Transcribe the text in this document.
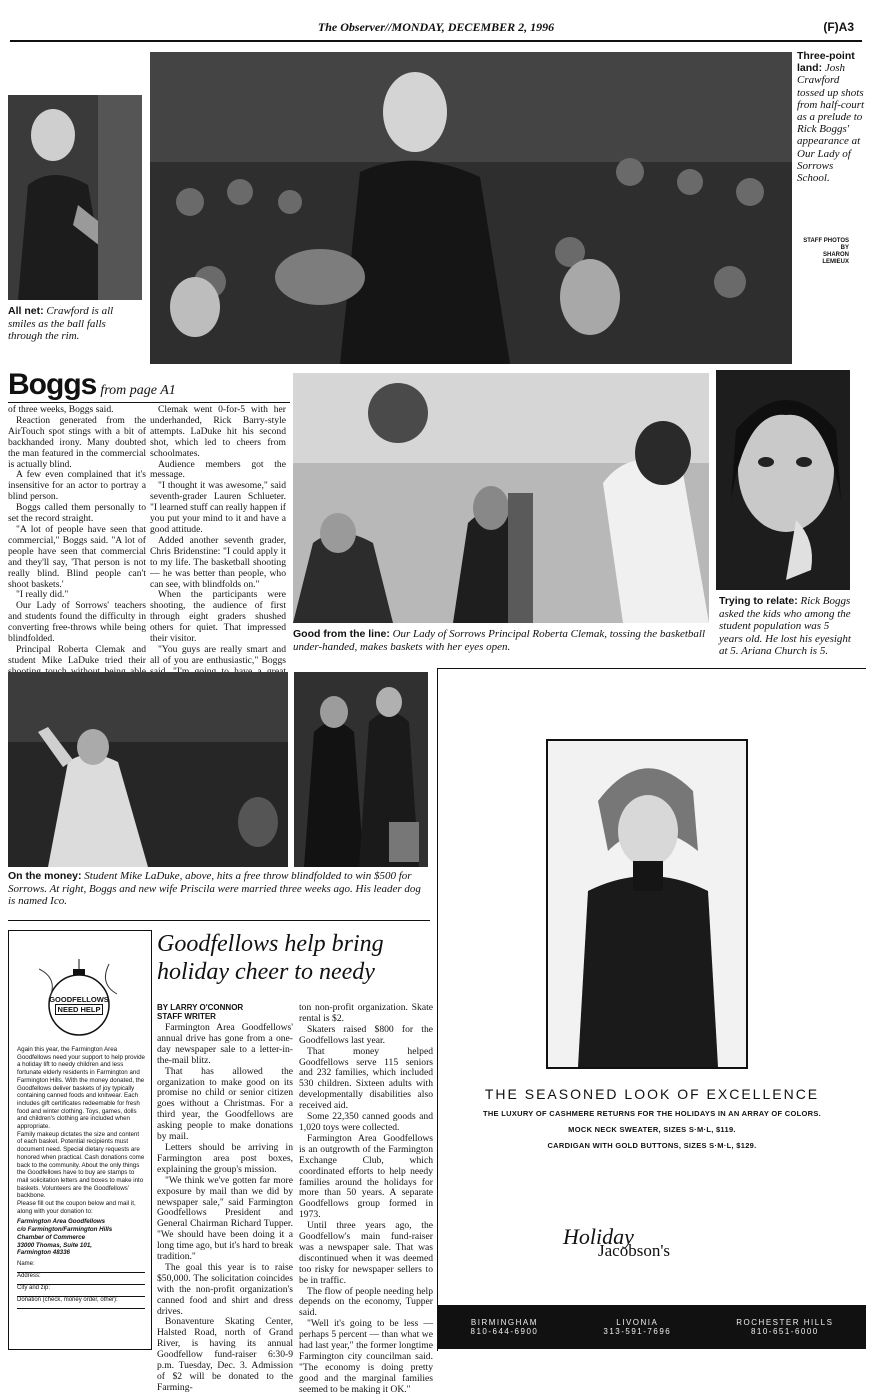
The Observer//MONDAY, DECEMBER 2, 1996	(F)A3
All net: Crawford is all smiles as the ball falls through the rim.
Three-point land: Josh Crawford tossed up shots from half-court as a prelude to Rick Boggs' appearance at Our Lady of Sorrows School.
STAFF PHOTOS BY
SHARON LEMIEUX
Boggs from page A1

of three weeks, Boggs said.

Reaction generated from the AirTouch spot stings with a bit of backhanded irony. Many doubted the man featured in the commercial is actually blind.

A few even complained that it's insensitive for an actor to portray a blind person.

Boggs called them personally to set the record straight.

"A lot of people have seen that commercial," Boggs said. "A lot of people have seen that commercial and they'll say, 'That person is not really blind. Blind people can't shoot baskets.'

"I really did."

Our Lady of Sorrows' teachers and students found the difficulty in converting free-throws while being blindfolded.

Principal Roberta Clemak and student Mike LaDuke tried their

Clemak went 0-for-5 with her underhanded, Rick Barry-style attempts. LaDuke hit his second shot, which led to cheers from schoolmates.

Audience members got the message.

"I thought it was awesome," said seventh-grader Lauren Schlueter. "I learned stuff can really happen if you put your mind to it and have a good attitude.

Added another seventh grader, Chris Bridenstine: "I could apply it to my life. The basketball shooting — he was better than people, who can see, with blindfolds on."

When the participants were shooting, the audience of first through eight graders shushed others for quiet. That impressed their visitor.

"You guys are really smart and all of you are enthusiastic," Boggs

Good from the line: Our Lady of Sorrows Principal Roberta Clemak, tossing the basketball under-handed, makes baskets with her eyes open.
Trying to relate: Rick Boggs asked the kids who among the student population was 5 years old. He lost his eyesight at 5. Ariana Church is 5.
On the money: Student Mike LaDuke, above, hits a free throw blindfolded to win $500 for Sorrows. At right, Boggs and new wife Priscila were married three weeks ago. His leader dog is named Ico.
GOODFELLOWS
NEED HELP
Again this year, the Farmington Area Goodfellows need your support to help provide a holiday lift to needy children and less fortunate elderly residents in Farmington and Farmington Hills. With the money donated, the Goodfellows deliver baskets of joy typically containing canned foods and knitwear. Each includes gift certificates redeemable for fresh food and winter clothing. Toys, games, dolls and children's clothing are included when appropriate.
Family makeup dictates the size and content of each basket. Potential recipients must document need. Special dietary requests are honored when practical. Cash donations come back to the community. About the only things the Goodfellows have to buy are stamps to mail solicitation letters and boxes to make into baskets. Volunteers are the Goodfellows' backbone.
Please fill out the coupon below and mail it, along with your donation to:
Farmington Area Goodfellows
c/o Farmington/Farmington Hills
Chamber of Commerce
33000 Thomas, Suite 101,
Farmington 48336
Name:
Address:
City and zip:
Donation (check, money order, other):
Goodfellows help bring
holiday cheer to needy
BY LARRY O'CONNOR
STAFF WRITER

Farmington Area Goodfellows' annual drive has gone from a one-day newspaper sale to a letter-in-the-mail blitz.

That has allowed the organization to make good on its promise no child or senior citizen goes without a Christmas. For a third year, the Goodfellows are asking people to make donations by mail.

Letters should be arriving in Farmington area post boxes, explaining the group's mission.

"We think we've gotten far more exposure by mail than we did by newspaper sale," said Farmington Goodfellows President and General Chairman Richard Tupper. "We should have been doing it a long time ago, but it's hard to break tradition."

The goal this year is to raise $50,000. The solicitation coincides with the non-profit organization's canned food and shirt and dress drives.

Bonaventure Skating Center, Halsted Road, north of Grand River, is having its annual Goodfellow fund-raiser 6:30-9 p.m. Tuesday, Dec. 3. Admission of $2 will be donated to the Farming-

ton non-profit organization. Skate rental is $2.

Skaters raised $800 for the Goodfellows last year.

That money helped Goodfellows serve 115 seniors and 232 families, which included 530 children. Sixteen adults with developmentally disabilities also received aid.

Some 22,350 canned goods and 1,020 toys were collected.

Farmington Area Goodfellows is an outgrowth of the Farmington Exchange Club, which coordinated efforts to help needy families around the holidays for more than 50 years. A separate Goodfellows group formed in 1973.

Until three years ago, the Goodfellow's main fund-raiser was a newspaper sale. That was discontinued when it was deemed too risky for newspaper sellers to be in traffic.

The flow of people needing help depends on the economy, Tupper said.

"Well it's going to be less — perhaps 5 percent — than what we had last year," the former longtime Farmington city councilman said. "The economy is doing pretty good and the marginal families seemed to be making it OK."

THE SEASONED LOOK OF EXCELLENCE
THE LUXURY OF CASHMERE RETURNS FOR THE HOLIDAYS IN AN ARRAY OF COLORS.
MOCK NECK SWEATER, SIZES S·M·L, $119.
CARDIGAN WITH GOLD BUTTONS, SIZES S·M·L, $129.
Holiday
Jacobson's
BIRMINGHAM
810-644-6900
LIVONIA
313-591-7696
ROCHESTER HILLS
810-651-6000
